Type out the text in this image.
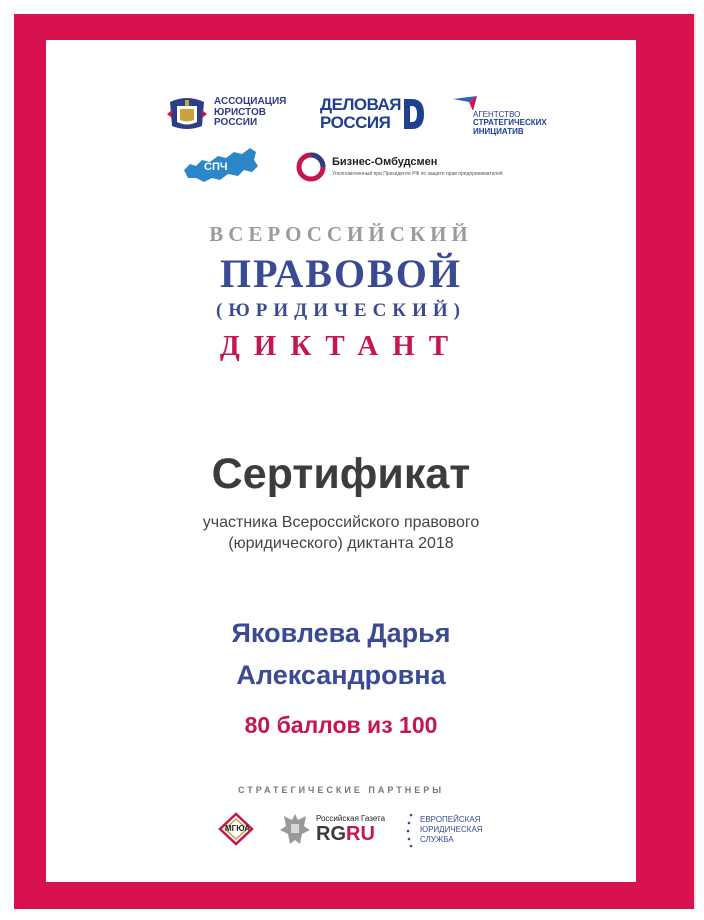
АССОЦИАЦИЯ
ЮРИСТОВ
РОССИИ
ДЕЛОВАЯ
РОССИЯ	АГЕНТСТВО
СТРАТЕГИЧЕСКИХ
ИНИЦИАТИВ
СПЧ	Бизнес-Омбудсмен
Уполномоченный при Президенте РФ по защите прав предпринимателей
ВСЕРОССИЙСКИЙ
ПРАВОВОЙ
(ЮРИДИЧЕСКИЙ)
ДИКТАНТ
Сертификат
участника Всероссийского правового
(юридического) диктанта 2018
Яковлева Дарья
Александровна
80 баллов из 100
СТРАТЕГИЧЕСКИЕ ПАРТНЕРЫ
МГЮА
Российская Газета
RGRU
ЕВРОПЕЙСКАЯ
ЮРИДИЧЕСКАЯ
СЛУЖБА
